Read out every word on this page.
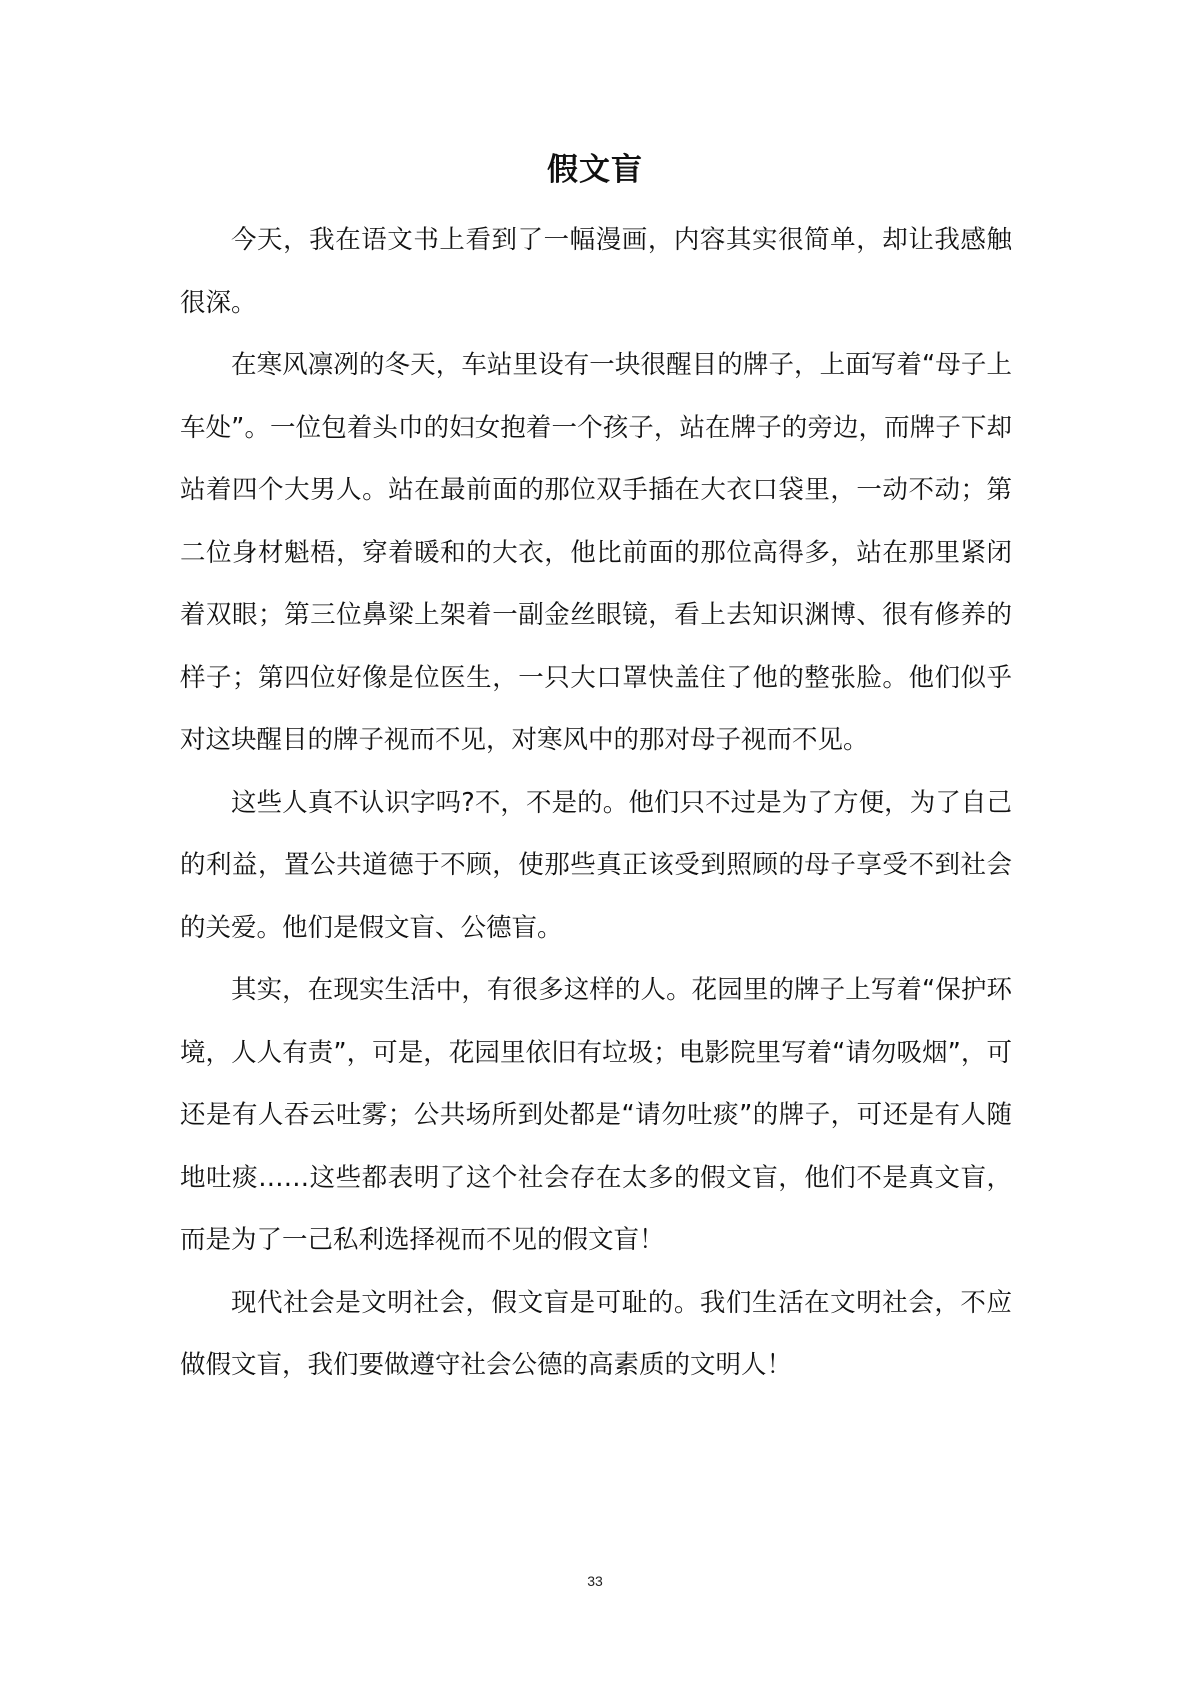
假文盲

今天，我在语文书上看到了一幅漫画，内容其实很简单，却让我感触很深。

在寒风凛冽的冬天，车站里设有一块很醒目的牌子，上面写着“母子上车处”。一位包着头巾的妇女抱着一个孩子，站在牌子的旁边，而牌子下却站着四个大男人。站在最前面的那位双手插在大衣口袋里，一动不动；第二位身材魁梧，穿着暖和的大衣，他比前面的那位高得多，站在那里紧闭着双眼；第三位鼻梁上架着一副金丝眼镜，看上去知识渊博、很有修养的样子；第四位好像是位医生，一只大口罩快盖住了他的整张脸。他们似乎对这块醒目的牌子视而不见，对寒风中的那对母子视而不见。

这些人真不认识字吗?不，不是的。他们只不过是为了方便，为了自己的利益，置公共道德于不顾，使那些真正该受到照顾的母子享受不到社会的关爱。他们是假文盲、公德盲。

其实，在现实生活中，有很多这样的人。花园里的牌子上写着“保护环境，人人有责”，可是，花园里依旧有垃圾；电影院里写着“请勿吸烟”，可还是有人吞云吐雾；公共场所到处都是“请勿吐痰”的牌子，可还是有人随地吐痰……这些都表明了这个社会存在太多的假文盲，他们不是真文盲，而是为了一己私利选择视而不见的假文盲！

现代社会是文明社会，假文盲是可耻的。我们生活在文明社会，不应做假文盲，我们要做遵守社会公德的高素质的文明人！

33
